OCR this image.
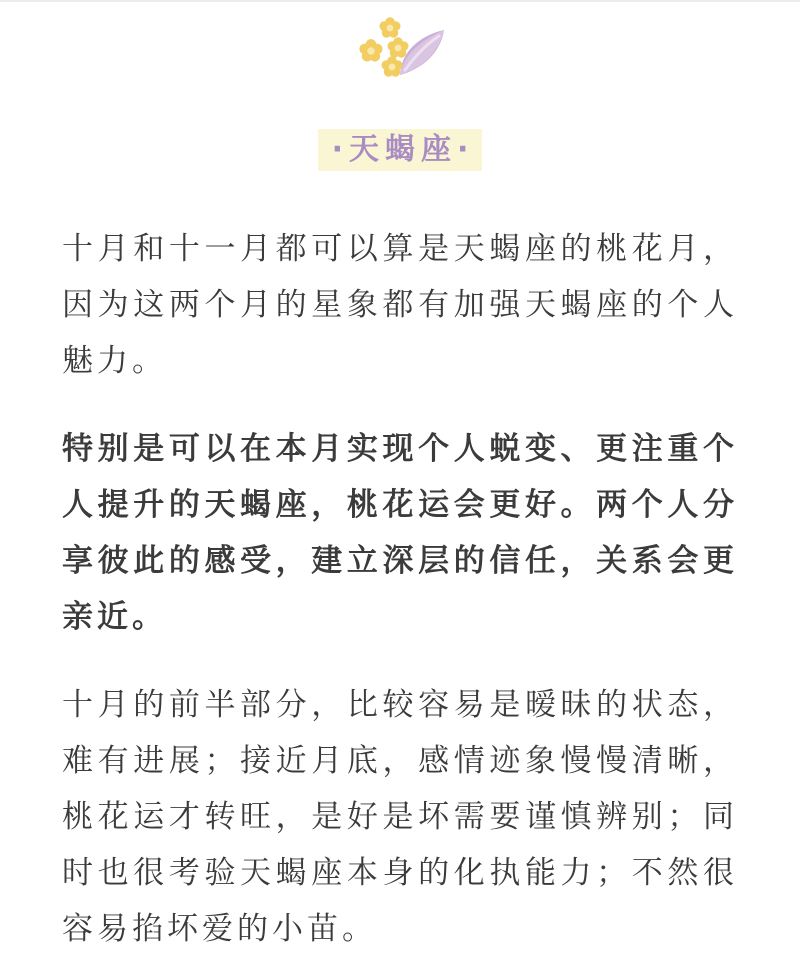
·天蝎座·

十月和十一月都可以算是天蝎座的桃花月，因为这两个月的星象都有加强天蝎座的个人魅力。

特别是可以在本月实现个人蜕变、更注重个人提升的天蝎座，桃花运会更好。两个人分享彼此的感受，建立深层的信任，关系会更亲近。

十月的前半部分，比较容易是暧昧的状态，难有进展；接近月底，感情迹象慢慢清晰，桃花运才转旺，是好是坏需要谨慎辨别；同时也很考验天蝎座本身的化执能力；不然很容易掐坏爱的小苗。
